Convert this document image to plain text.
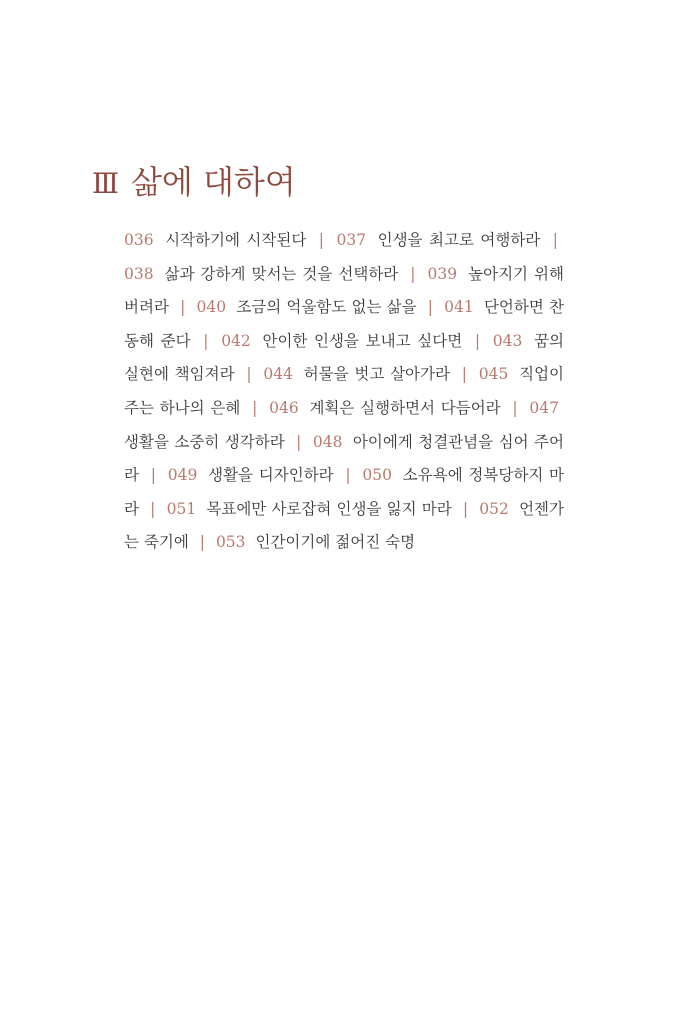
Ⅲ 삶에 대하여

036 시작하기에 시작된다 | 037 인생을 최고로 여행하라 | 038 삶과 강하게 맞서는 것을 선택하라 | 039 높아지기 위해 버려라 | 040 조금의 억울함도 없는 삶을 | 041 단언하면 찬동해 준다 | 042 안이한 인생을 보내고 싶다면 | 043 꿈의 실현에 책임져라 | 044 허물을 벗고 살아가라 | 045 직업이 주는 하나의 은혜 | 046 계획은 실행하면서 다듬어라 | 047 생활을 소중히 생각하라 | 048 아이에게 청결관념을 심어 주어라 | 049 생활을 디자인하라 | 050 소유욕에 정복당하지 마라 | 051 목표에만 사로잡혀 인생을 잃지 마라 | 052 언젠가는 죽기에 | 053 인간이기에 젊어진 숙명
